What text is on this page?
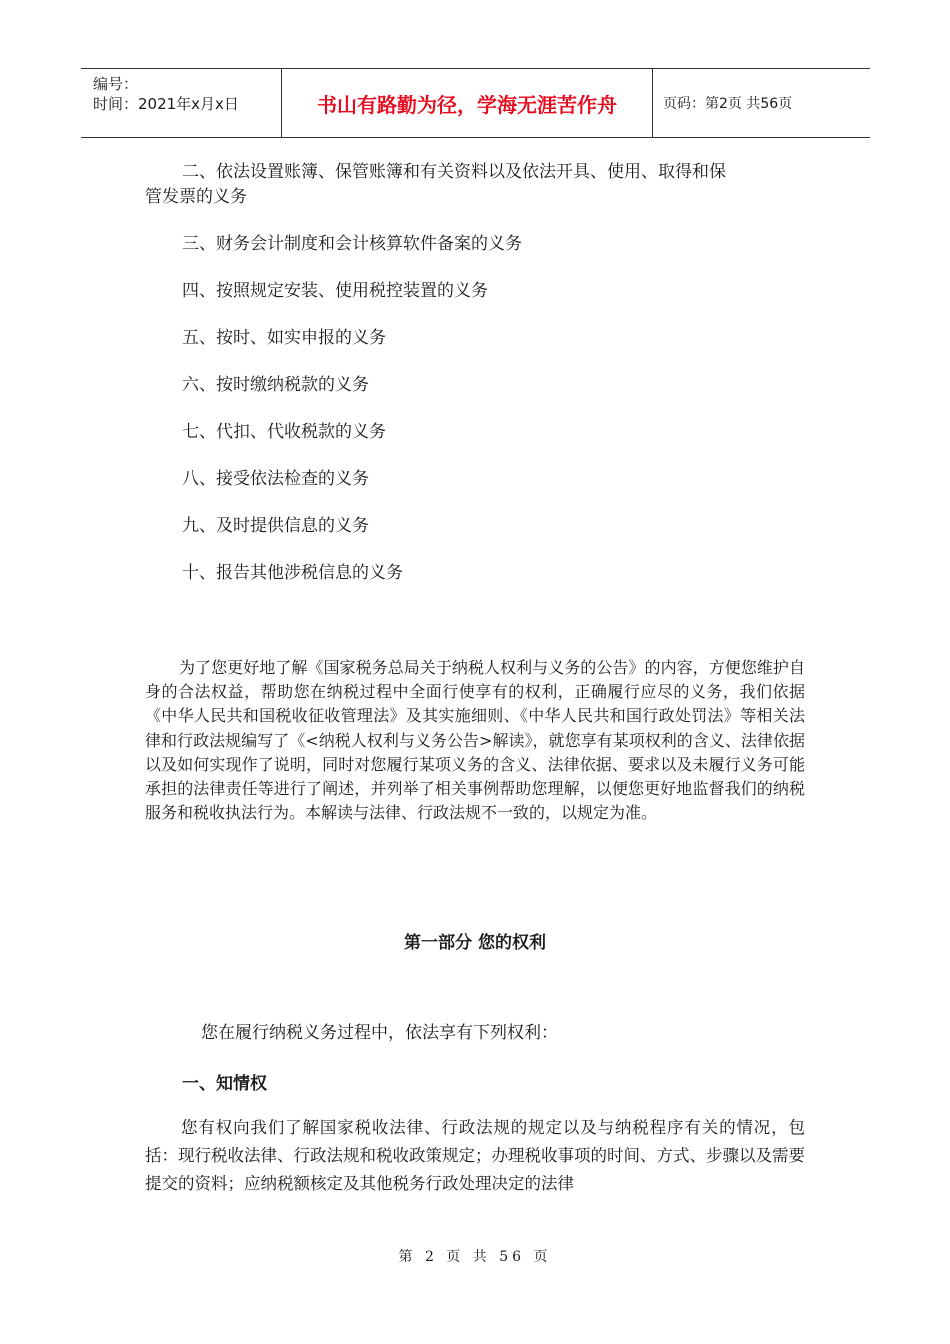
编号：
时间：2021年x月x日	书山有路勤为径，学海无涯苦作舟	页码：第2页 共56页

二、依法设置账簿、保管账簿和有关资料以及依法开具、使用、取得和保

管发票的义务

三、财务会计制度和会计核算软件备案的义务

四、按照规定安装、使用税控装置的义务

五、按时、如实申报的义务

六、按时缴纳税款的义务

七、代扣、代收税款的义务

八、接受依法检查的义务

九、及时提供信息的义务

十、报告其他涉税信息的义务

为了您更好地了解《国家税务总局关于纳税人权利与义务的公告》的内容，方便您维护自身的合法权益，帮助您在纳税过程中全面行使享有的权利，正确履行应尽的义务，我们依据《中华人民共和国税收征收管理法》及其实施细则、《中华人民共和国行政处罚法》等相关法律和行政法规编写了《<纳税人权利与义务公告>解读》，就您享有某项权利的含义、法律依据以及如何实现作了说明，同时对您履行某项义务的含义、法律依据、要求以及未履行义务可能承担的法律责任等进行了阐述，并列举了相关事例帮助您理解，以便您更好地监督我们的纳税服务和税收执法行为。本解读与法律、行政法规不一致的，以规定为准。

第一部分 您的权利
您在履行纳税义务过程中，依法享有下列权利：
一、知情权

您有权向我们了解国家税收法律、行政法规的规定以及与纳税程序有关的情况，包括：现行税收法律、行政法规和税收政策规定；办理税收事项的时间、方式、步骤以及需要提交的资料；应纳税额核定及其他税务行政处理决定的法律

第 2 页 共 56 页
